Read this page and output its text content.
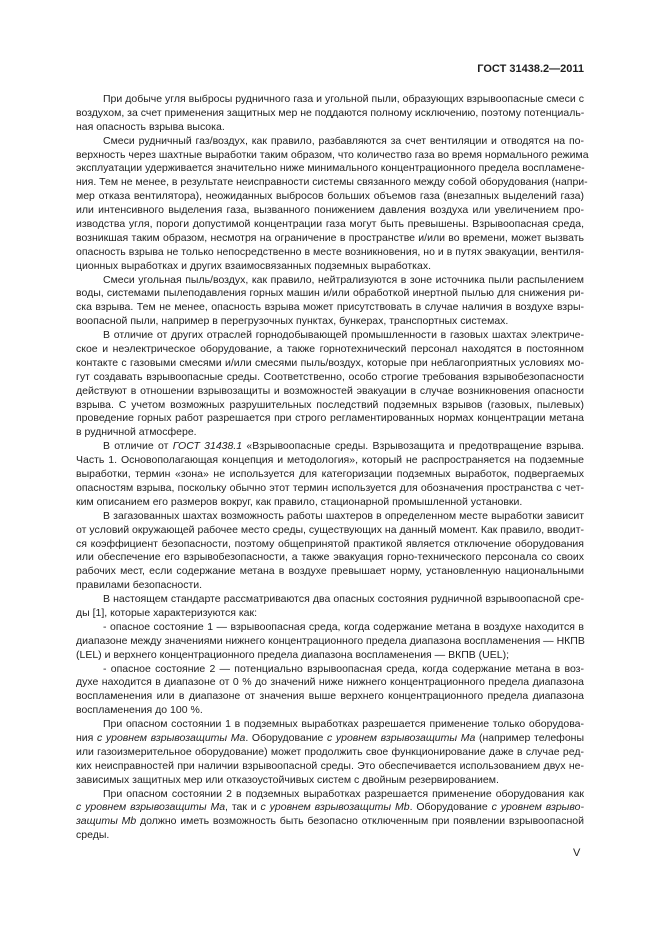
ГОСТ 31438.2—2011
При добыче угля выбросы рудничного газа и угольной пыли, образующих взрывоопасные смеси с
воздухом, за счет применения защитных мер не поддаются полному исключению, поэтому потенциаль-
ная опасность взрыва высока.
Смеси рудничный газ/воздух, как правило, разбавляются за счет вентиляции и отводятся на по-
верхность через шахтные выработки таким образом, что количество газа во время нормального режима
эксплуатации удерживается значительно ниже минимального концентрационного предела воспламене-
ния. Тем не менее, в результате неисправности системы связанного между собой оборудования (напри-
мер отказа вентилятора), неожиданных выбросов больших объемов газа (внезапных выделений газа)
или интенсивного выделения газа, вызванного понижением давления воздуха или увеличением про-
изводства угля, пороги допустимой концентрации газа могут быть превышены. Взрывоопасная среда,
возникшая таким образом, несмотря на ограничение в пространстве и/или во времени, может вызвать
опасность взрыва не только непосредственно в месте возникновения, но и в путях эвакуации, вентиля-
ционных выработках и других взаимосвязанных подземных выработках.
Смеси угольная пыль/воздух, как правило, нейтрализуются в зоне источника пыли распылением
воды, системами пылеподавления горных машин и/или обработкой инертной пылью для снижения ри-
ска взрыва. Тем не менее, опасность взрыва может присутствовать в случае наличия в воздухе взры-
воопасной пыли, например в перегрузочных пунктах, бункерах, транспортных системах.
В отличие от других отраслей горнодобывающей промышленности в газовых шахтах электриче-
ское и неэлектрическое оборудование, а также горнотехнический персонал находятся в постоянном
контакте с газовыми смесями и/или смесями пыль/воздух, которые при неблагоприятных условиях мо-
гут создавать взрывоопасные среды. Соответственно, особо строгие требования взрывобезопасности
действуют в отношении взрывозащиты и возможностей эвакуации в случае возникновения опасности
взрыва. С учетом возможных разрушительных последствий подземных взрывов (газовых, пылевых)
проведение горных работ разрешается при строго регламентированных нормах концентрации метана
в рудничной атмосфере.
В отличие от ГОСТ 31438.1 «Взрывоопасные среды. Взрывозащита и предотвращение взрыва.
Часть 1. Основополагающая концепция и методология», который не распространяется на подземные
выработки, термин «зона» не используется для категоризации подземных выработок, подвергаемых
опасностям взрыва, поскольку обычно этот термин используется для обозначения пространства с чет-
ким описанием его размеров вокруг, как правило, стационарной промышленной установки.
В загазованных шахтах возможность работы шахтеров в определенном месте выработки зависит
от условий окружающей рабочее место среды, существующих на данный момент. Как правило, вводит-
ся коэффициент безопасности, поэтому общепринятой практикой является отключение оборудования
или обеспечение его взрывобезопасности, а также эвакуация горно-технического персонала со своих
рабочих мест, если содержание метана в воздухе превышает норму, установленную национальными
правилами безопасности.
В настоящем стандарте рассматриваются два опасных состояния рудничной взрывоопасной сре-
ды [1], которые характеризуются как:
- опасное состояние 1 — взрывоопасная среда, когда содержание метана в воздухе находится в
диапазоне между значениями нижнего концентрационного предела диапазона воспламенения — НКПВ
(LEL) и верхнего концентрационного предела диапазона воспламенения — ВКПВ (UEL);
- опасное состояние 2 — потенциально взрывоопасная среда, когда содержание метана в воз-
духе находится в диапазоне от 0 % до значений ниже нижнего концентрационного предела диапазона
воспламенения или в диапазоне от значения выше верхнего концентрационного предела диапазона
воспламенения до 100 %.
При опасном состоянии 1 в подземных выработках разрешается применение только оборудова-
ния с уровнем взрывозащиты Ma. Оборудование с уровнем взрывозащиты Ma (например телефоны
или газоизмерительное оборудование) может продолжить свое функционирование даже в случае ред-
ких неисправностей при наличии взрывоопасной среды. Это обеспечивается использованием двух не-
зависимых защитных мер или отказоустойчивых систем с двойным резервированием.
При опасном состоянии 2 в подземных выработках разрешается применение оборудования как
с уровнем взрывозащиты Ma, так и с уровнем взрывозащиты Mb. Оборудование с уровнем взрыво-
защиты Mb должно иметь возможность быть безопасно отключенным при появлении взрывоопасной
среды.
V
